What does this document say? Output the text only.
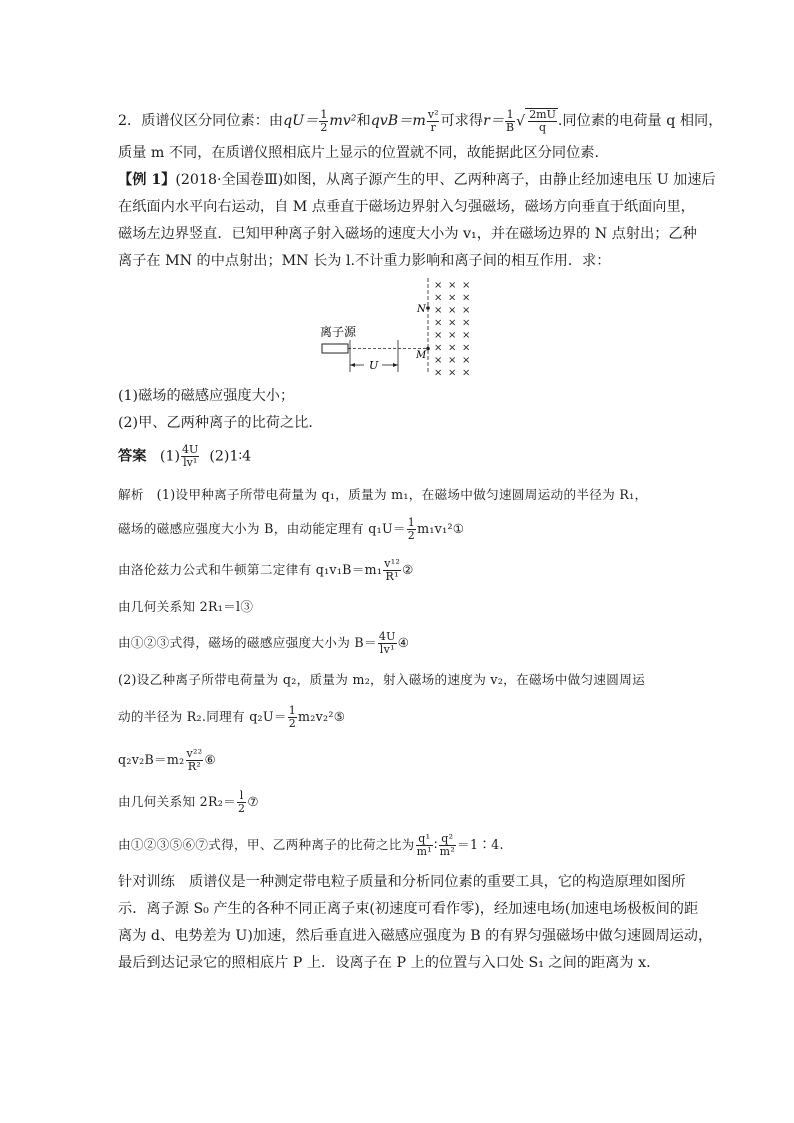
2．质谱仪区分同位素：由$qU= \frac{1}{2} mv^2$和$qvB=m \frac{\text{v²}}{r}$ 可求得$r= \frac{1}{B}$ √ $\frac{2mU}{q}$ .同位素的电荷量 q 相同，
质量 m 不同，在质谱仪照相底片上显示的位置就不同，故能据此区分同位素．
【例 1】(2018·全国卷Ⅲ)如图，从离子源产生的甲、乙两种离子，由静止经加速电压 U 加速后
在纸面内水平向右运动，自 M 点垂直于磁场边界射入匀强磁场，磁场方向垂直于纸面向里，
磁场左边界竖直．已知甲种离子射入磁场的速度大小为 v₁，并在磁场边界的 N 点射出；乙种
离子在 MN 的中点射出；MN 长为 l.不计重力影响和离子间的相互作用．求：
离子源
U
N
M
× × ×
× × ×
× × ×
× × ×
× × ×
× × ×
× × ×
× × ×
(1)磁场的磁感应强度大小；
(2)甲、乙两种离子的比荷之比．
答案 $(1) \frac{4U}{\text{lv¹}}$ (2)1∶4
解析　(1)设甲种离子所带电荷量为 q₁，质量为 m₁，在磁场中做匀速圆周运动的半径为 R₁，
磁场的磁感应强度大小为 B，由动能定理有 $q_1U= \frac{1}{2}$ m₁v₁²①
由洛伦兹力公式和牛顿第二定律有 $q_1v_1B=m_1 \frac{\text{v¹²}}{\text{R¹}}$ ②
由几何关系知 2R₁＝l③
由①②③式得，磁场的磁感应强度大小为 $B= \frac{4U}{\text{lv¹}}$ ④
(2)设乙种离子所带电荷量为 q₂，质量为 m₂，射入磁场的速度为 v₂，在磁场中做匀速圆周运
动的半径为 R₂.同理有 $q_2U= \frac{1}{2}$ m₂v₂²⑤
$q_2v_2B=m_2 \frac{\text{v²²}}{\text{R²}}$ ⑥
由几何关系知 $2R_2= \frac{l}{2}$ ⑦
由①②③⑤⑥⑦式得，甲、乙两种离子的比荷之比为 $\frac{\text{q¹}}{\text{m¹}}$ ∶ $\frac{\text{q²}}{\text{m²}}$ ＝1∶4.
针对训练　质谱仪是一种测定带电粒子质量和分析同位素的重要工具，它的构造原理如图所
示．离子源 S₀ 产生的各种不同正离子束(初速度可看作零)，经加速电场(加速电场极板间的距
离为 d、电势差为 U)加速，然后垂直进入磁感应强度为 B 的有界匀强磁场中做匀速圆周运动，
最后到达记录它的照相底片 P 上．设离子在 P 上的位置与入口处 S₁ 之间的距离为 x.
